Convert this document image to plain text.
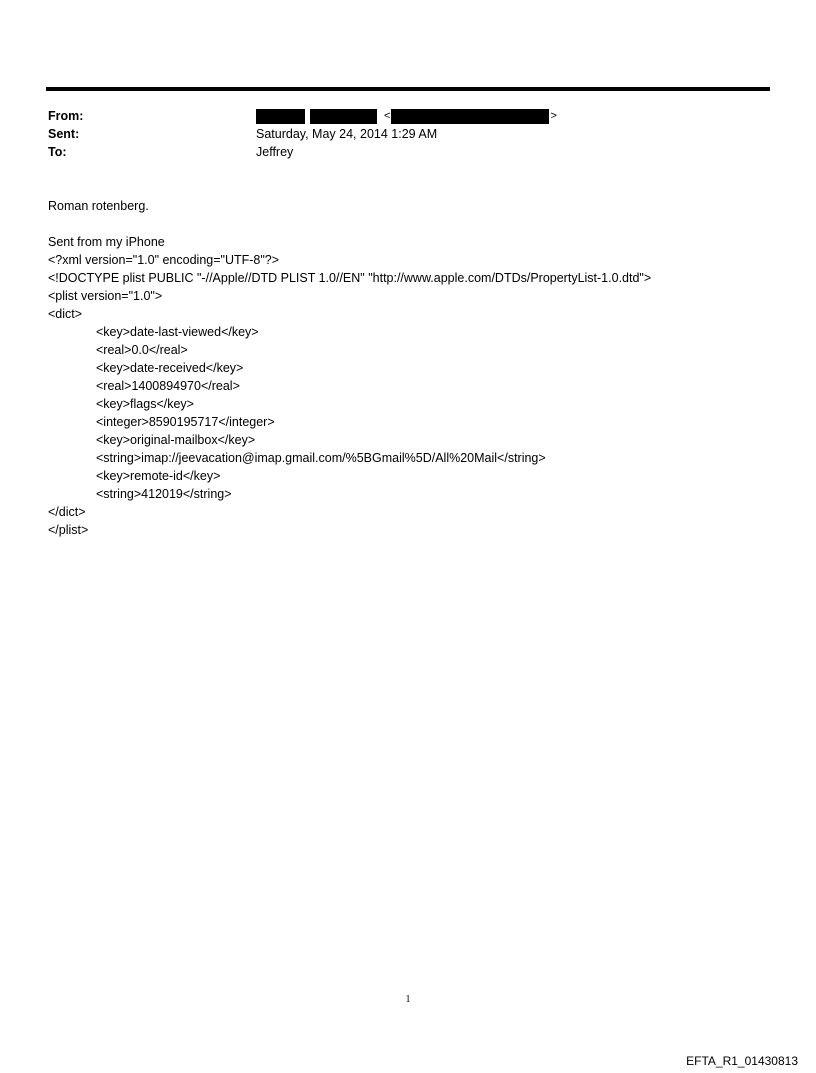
From:	<	>
Sent:	Saturday, May 24, 2014 1:29 AM
To:	Jeffrey
Roman rotenberg.
Sent from my iPhone
<?xml version="1.0" encoding="UTF-8"?>
<!DOCTYPE plist PUBLIC "-//Apple//DTD PLIST 1.0//EN" "http://www.apple.com/DTDs/PropertyList-1.0.dtd">
<plist version="1.0">
<dict>
<key>date-last-viewed</key>
<real>0.0</real>
<key>date-received</key>
<real>1400894970</real>
<key>flags</key>
<integer>8590195717</integer>
<key>original-mailbox</key>
<string>imap://jeevacation@imap.gmail.com/%5BGmail%5D/All%20Mail</string>
<key>remote-id</key>
<string>412019</string>
</dict>
</plist>
1
EFTA_R1_01430813
